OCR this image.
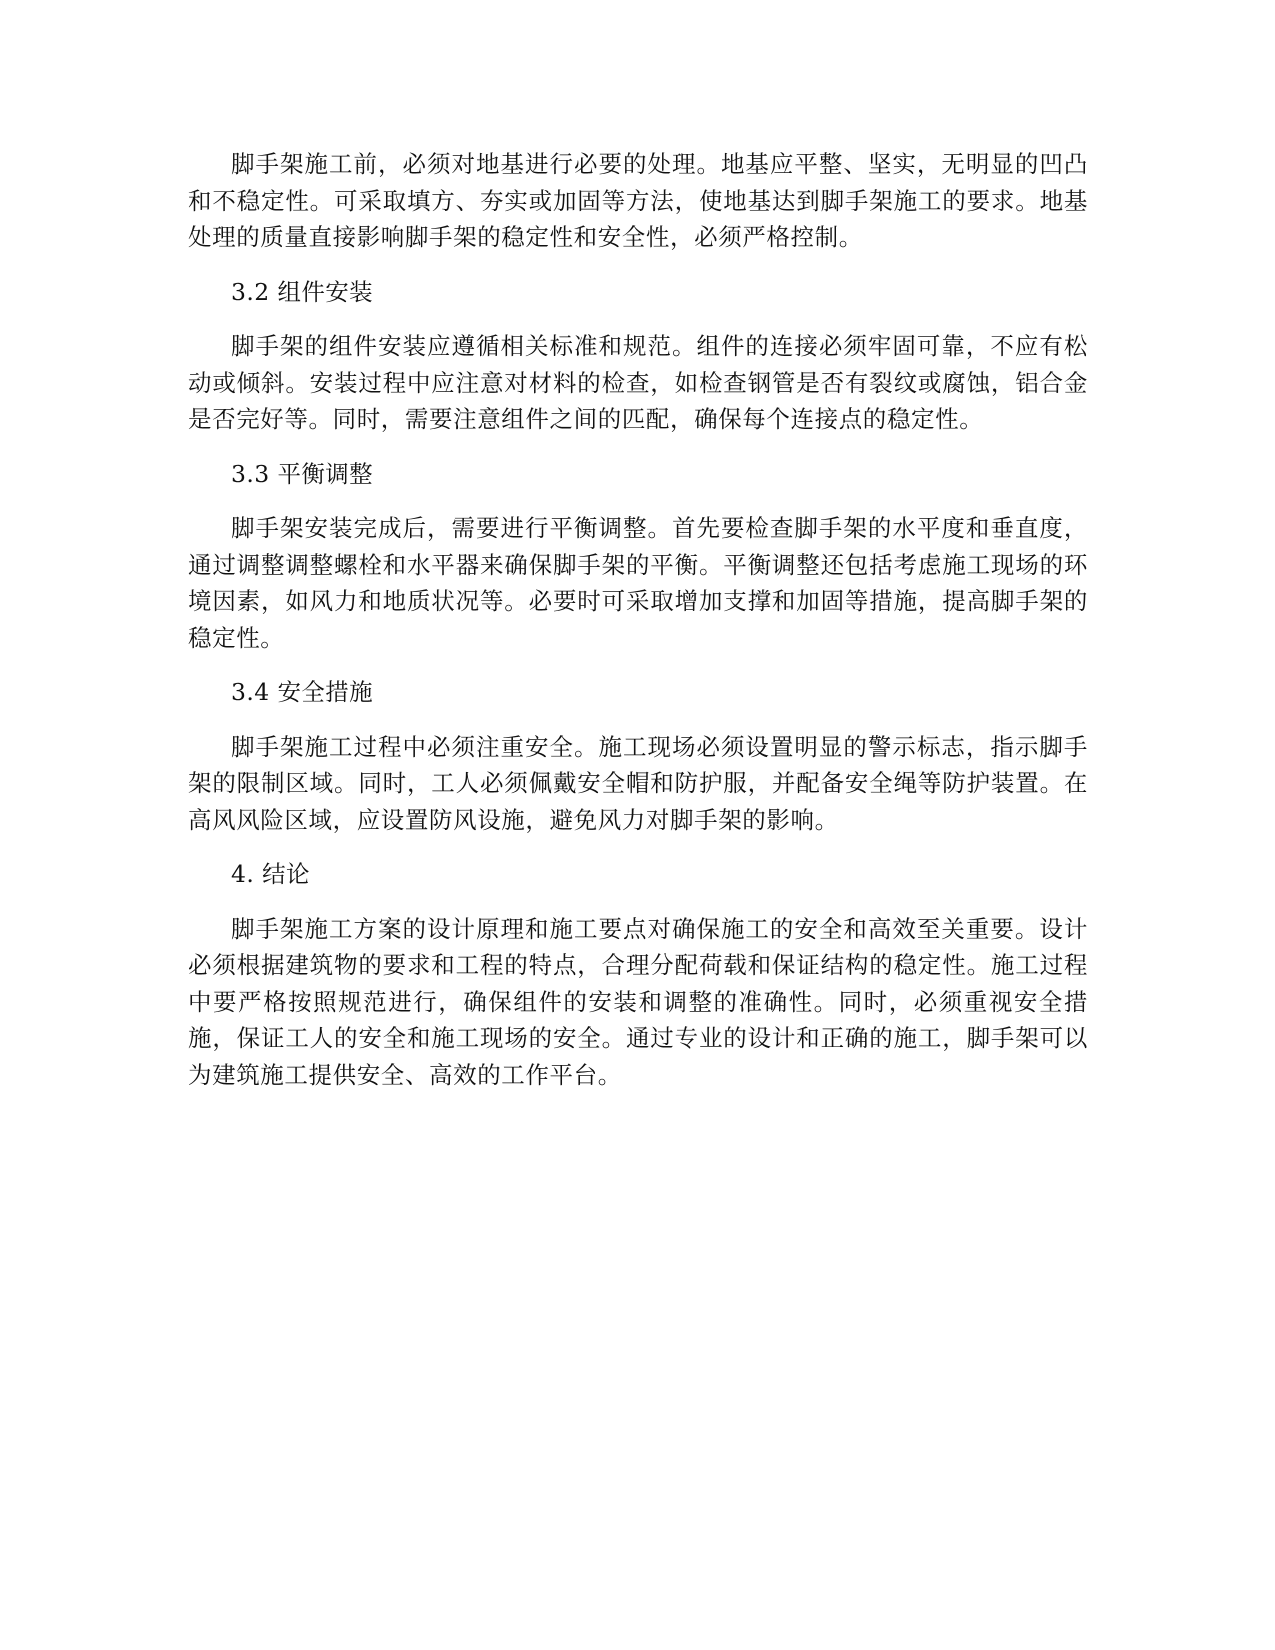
脚手架施工前，必须对地基进行必要的处理。地基应平整、坚实，无明显的凹凸和不稳定性。可采取填方、夯实或加固等方法，使地基达到脚手架施工的要求。地基处理的质量直接影响脚手架的稳定性和安全性，必须严格控制。

3.2 组件安装

脚手架的组件安装应遵循相关标准和规范。组件的连接必须牢固可靠，不应有松动或倾斜。安装过程中应注意对材料的检查，如检查钢管是否有裂纹或腐蚀，铝合金是否完好等。同时，需要注意组件之间的匹配，确保每个连接点的稳定性。

3.3 平衡调整

脚手架安装完成后，需要进行平衡调整。首先要检查脚手架的水平度和垂直度，通过调整调整螺栓和水平器来确保脚手架的平衡。平衡调整还包括考虑施工现场的环境因素，如风力和地质状况等。必要时可采取增加支撑和加固等措施，提高脚手架的稳定性。

3.4 安全措施

脚手架施工过程中必须注重安全。施工现场必须设置明显的警示标志，指示脚手架的限制区域。同时，工人必须佩戴安全帽和防护服，并配备安全绳等防护装置。在高风风险区域，应设置防风设施，避免风力对脚手架的影响。

4. 结论

脚手架施工方案的设计原理和施工要点对确保施工的安全和高效至关重要。设计必须根据建筑物的要求和工程的特点，合理分配荷载和保证结构的稳定性。施工过程中要严格按照规范进行，确保组件的安装和调整的准确性。同时，必须重视安全措施，保证工人的安全和施工现场的安全。通过专业的设计和正确的施工，脚手架可以为建筑施工提供安全、高效的工作平台。
